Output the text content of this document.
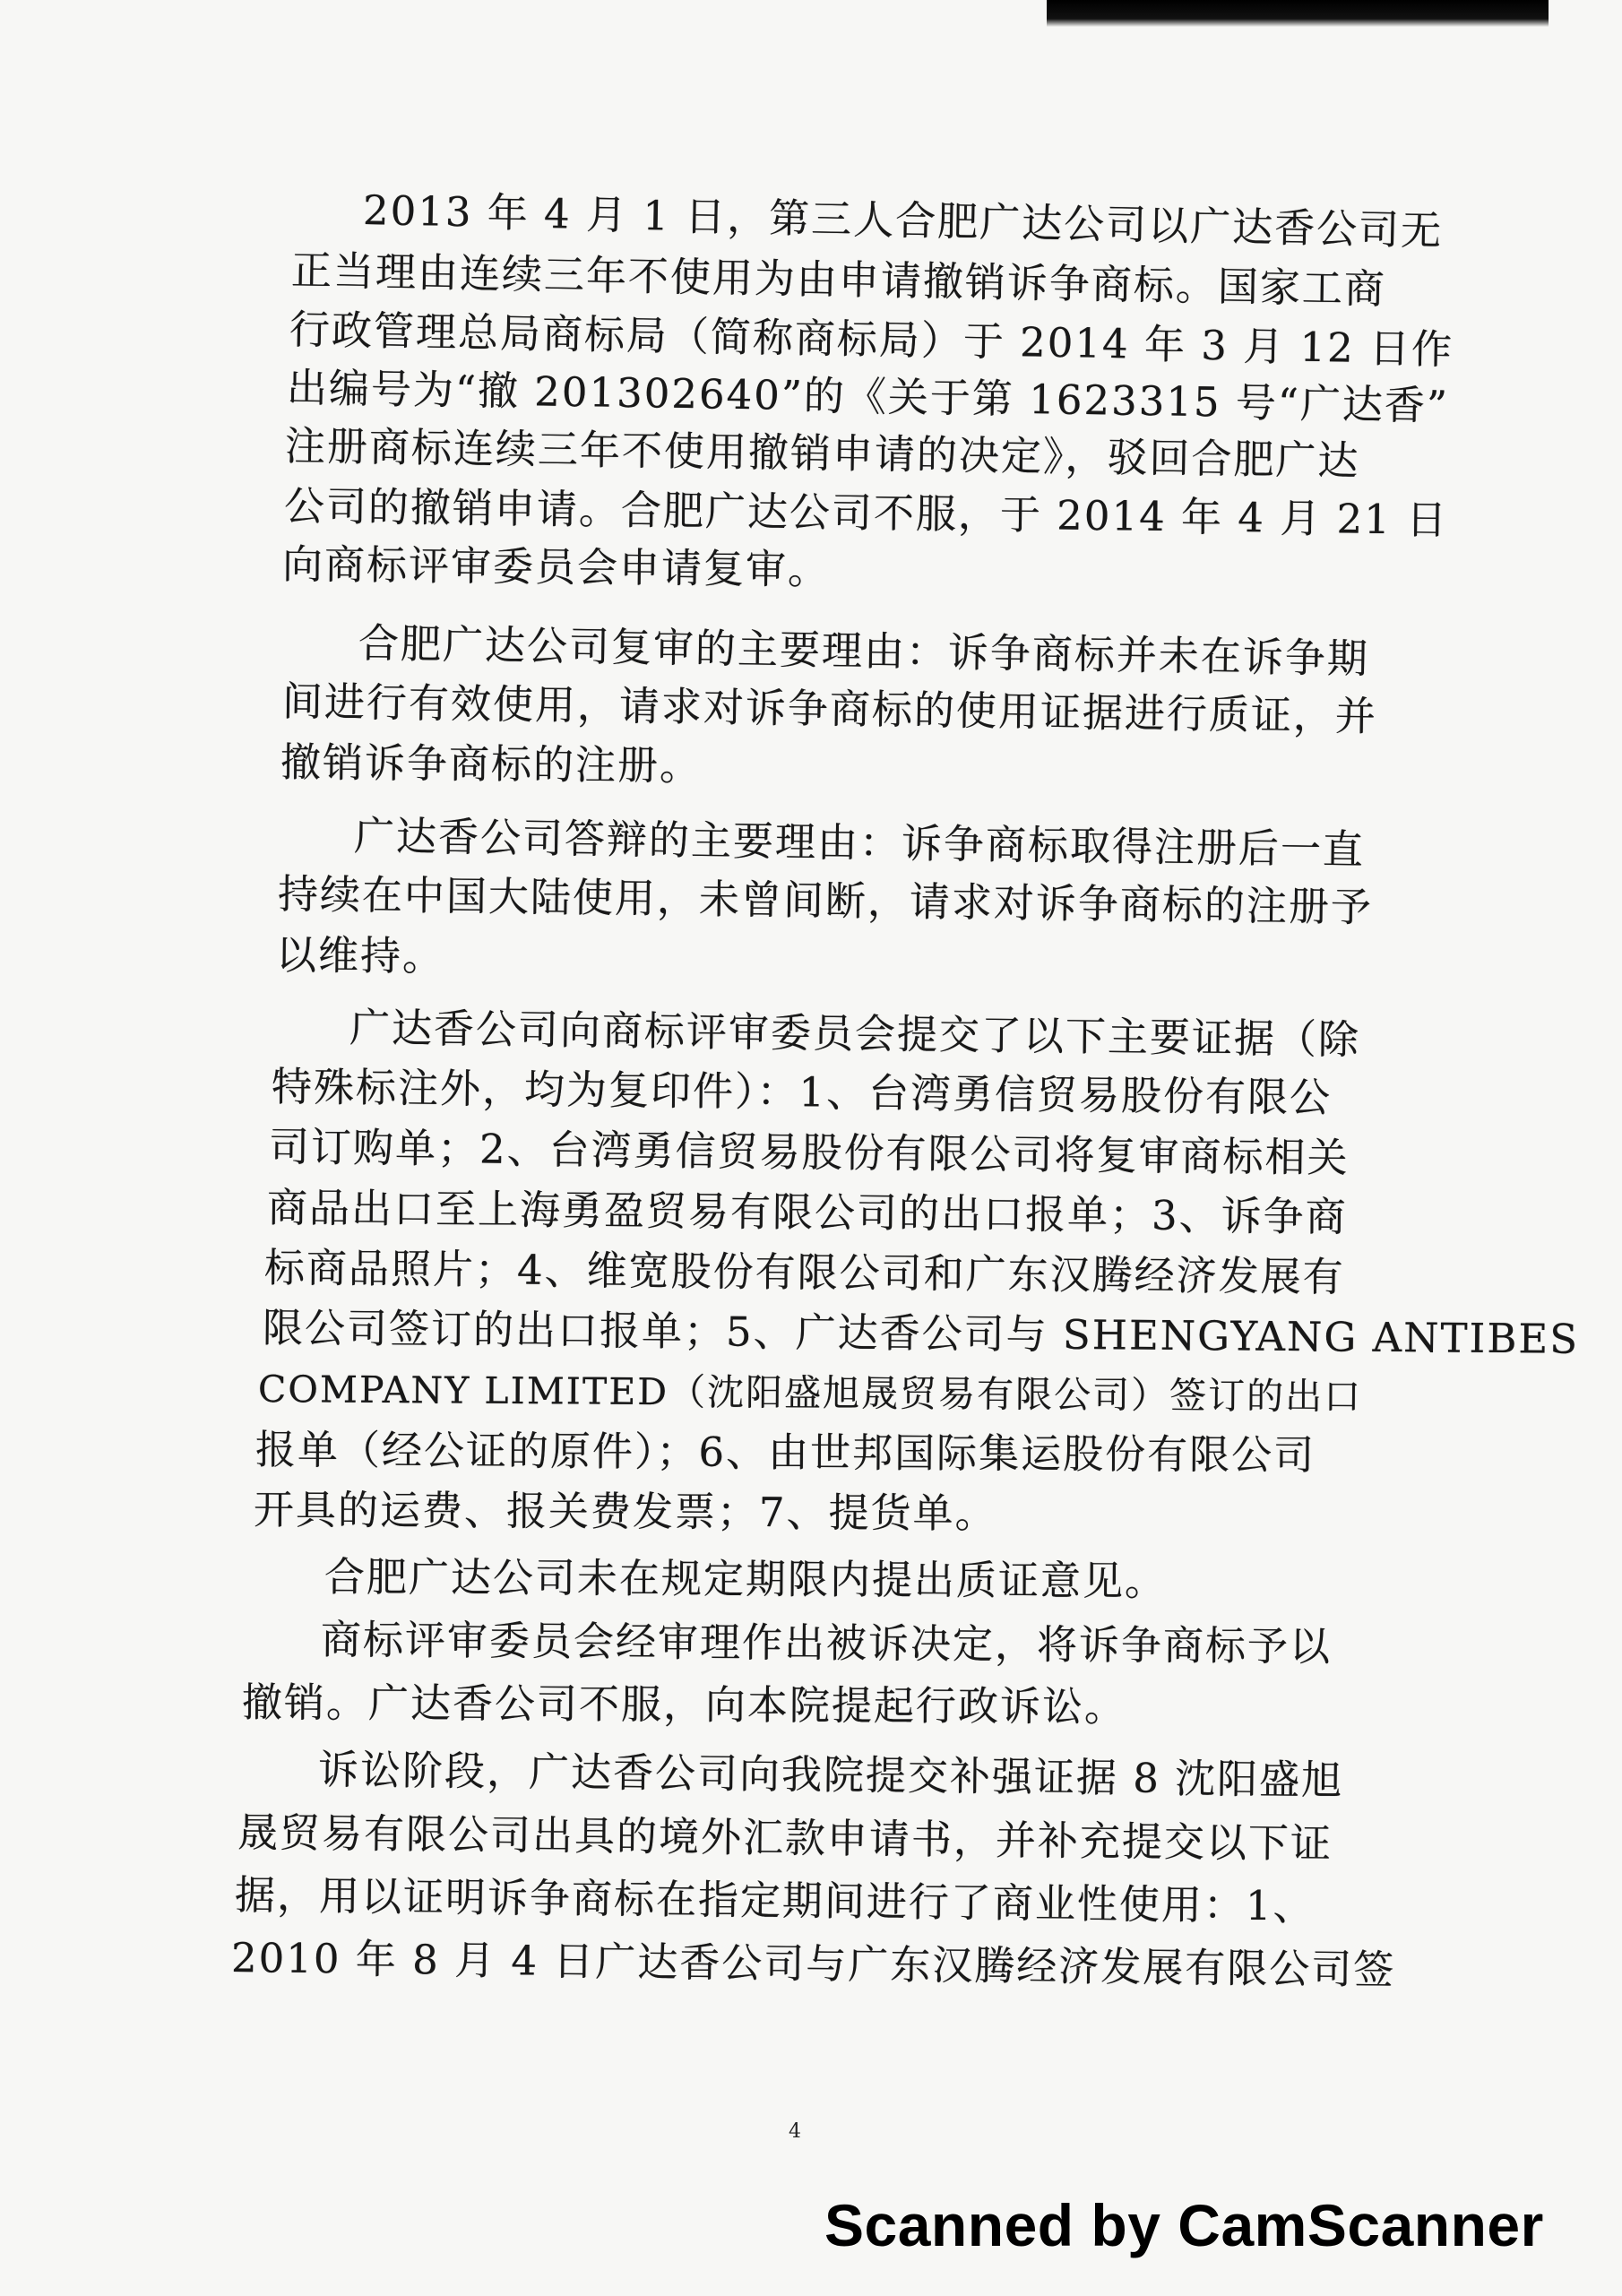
2013 年 4 月 1 日，第三人合肥广达公司以广达香公司无
正当理由连续三年不使用为由申请撤销诉争商标。国家工商
行政管理总局商标局（简称商标局）于 2014 年 3 月 12 日作
出编号为“撤 201302640”的《关于第 1623315 号“广达香”
注册商标连续三年不使用撤销申请的决定》，驳回合肥广达
公司的撤销申请。合肥广达公司不服，于 2014 年 4 月 21 日
向商标评审委员会申请复审。
合肥广达公司复审的主要理由：诉争商标并未在诉争期
间进行有效使用，请求对诉争商标的使用证据进行质证，并
撤销诉争商标的注册。
广达香公司答辩的主要理由：诉争商标取得注册后一直
持续在中国大陆使用，未曾间断，请求对诉争商标的注册予
以维持。
广达香公司向商标评审委员会提交了以下主要证据（除
特殊标注外，均为复印件）：1、台湾勇信贸易股份有限公
司订购单；2、台湾勇信贸易股份有限公司将复审商标相关
商品出口至上海勇盈贸易有限公司的出口报单；3、诉争商
标商品照片；4、维宽股份有限公司和广东汉腾经济发展有
限公司签订的出口报单；5、广达香公司与 SHENGYANG ANTIBES
COMPANY LIMITED（沈阳盛旭晟贸易有限公司）签订的出口
报单（经公证的原件）；6、由世邦国际集运股份有限公司
开具的运费、报关费发票；7、提货单。
合肥广达公司未在规定期限内提出质证意见。
商标评审委员会经审理作出被诉决定，将诉争商标予以
撤销。广达香公司不服，向本院提起行政诉讼。
诉讼阶段，广达香公司向我院提交补强证据 8 沈阳盛旭
晟贸易有限公司出具的境外汇款申请书，并补充提交以下证
据，用以证明诉争商标在指定期间进行了商业性使用：1、
2010 年 8 月 4 日广达香公司与广东汉腾经济发展有限公司签
4
Scanned by CamScanner
